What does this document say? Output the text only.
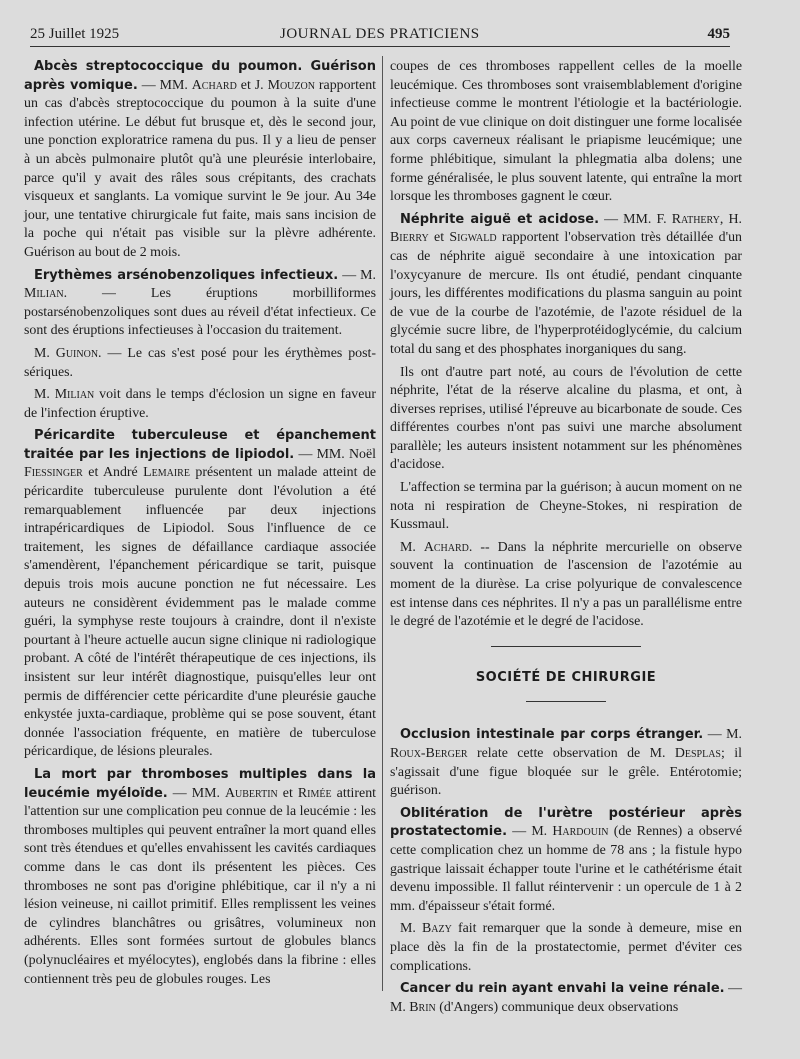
25 Juillet 1925	JOURNAL DES PRATICIENS	495

Abcès streptococcique du poumon. Guérison après vomique. — MM. Achard et J. Mouzon rapportent un cas d'abcès streptococcique du poumon à la suite d'une infection utérine. Le début fut brusque et, dès le second jour, une ponction exploratrice ramena du pus. Il y a lieu de penser à un abcès pulmonaire plutôt qu'à une pleurésie interlobaire, parce qu'il y avait des râles sous crépitants, des crachats visqueux et sanglants. La vomique survint le 9e jour. Au 34e jour, une tentative chirurgicale fut faite, mais sans incision de la poche qui n'était pas visible sur la plèvre adhérente. Guérison au bout de 2 mois.

Erythèmes arsénobenzoliques infectieux. — M. Milian. — Les éruptions morbilliformes postarsénobenzoliques sont dues au réveil d'état infectieux. Ce sont des éruptions infectieuses à l'occasion du traitement.

M. Guinon. — Le cas s'est posé pour les érythèmes post-sériques.

M. Milian voit dans le temps d'éclosion un signe en faveur de l'infection éruptive.

Péricardite tuberculeuse et épanchement traitée par les injections de lipiodol. — MM. Noël Fiessinger et André Lemaire présentent un malade atteint de péricardite tuberculeuse purulente dont l'évolution a été remarquablement influencée par deux injections intrapéricardiques de Lipiodol. Sous l'influence de ce traitement, les signes de défaillance cardiaque associée s'amendèrent, l'épanchement péricardique se tarit, puisque depuis trois mois aucune ponction ne fut nécessaire. Les auteurs ne considèrent évidemment pas le malade comme guéri, la symphyse reste toujours à craindre, dont il n'existe pourtant à l'heure actuelle aucun signe clinique ni radiologique probant. A côté de l'intérêt thérapeutique de ces injections, ils insistent sur leur intérêt diagnostique, puisqu'elles leur ont permis de différencier cette péricardite d'une pleurésie gauche enkystée juxta-cardiaque, problème qui se pose souvent, étant donnée l'association fréquente, en matière de tuberculose péricardique, de lésions pleurales.

La mort par thromboses multiples dans la leucémie myéloïde. — MM. Aubertin et Rimée attirent l'attention sur une complication peu connue de la leucémie : les thromboses multiples qui peuvent entraîner la mort quand elles sont très étendues et qu'elles envahissent les cavités cardiaques comme dans le cas dont ils présentent les pièces. Ces thromboses ne sont pas d'origine phlébitique, car il n'y a ni lésion veineuse, ni caillot primitif. Elles remplissent les veines de cylindres blanchâtres ou grisâtres, volumineux non adhérents. Elles sont formées surtout de globules blancs (polynucléaires et myélocytes), englobés dans la fibrine : elles contiennent très peu de globules rouges. Les

coupes de ces thromboses rappellent celles de la moelle leucémique. Ces thromboses sont vraisemblablement d'origine infectieuse comme le montrent l'étiologie et la bactériologie. Au point de vue clinique on doit distinguer une forme localisée aux corps caverneux réalisant le priapisme leucémique; une forme phlébitique, simulant la phlegmatia alba dolens; une forme généralisée, le plus souvent latente, qui entraîne la mort lorsque les thromboses gagnent le cœur.

Néphrite aiguë et acidose. — MM. F. Rathery, H. Bierry et Sigwald rapportent l'observation très détaillée d'un cas de néphrite aiguë secondaire à une intoxication par l'oxycyanure de mercure. Ils ont étudié, pendant cinquante jours, les différentes modifications du plasma sanguin au point de vue de la courbe de l'azotémie, de l'azote résiduel de la glycémie sucre libre, de l'hyperprotéidoglycémie, du calcium total du sang et des phosphates inorganiques du sang.

Ils ont d'autre part noté, au cours de l'évolution de cette néphrite, l'état de la réserve alcaline du plasma, et ont, à diverses reprises, utilisé l'épreuve au bicarbonate de soude. Ces différentes courbes n'ont pas suivi une marche absolument parallèle; les auteurs insistent notamment sur les phénomènes d'acidose.

L'affection se termina par la guérison; à aucun moment on ne nota ni respiration de Cheyne-Stokes, ni respiration de Kussmaul.

M. Achard. -- Dans la néphrite mercurielle on observe souvent la continuation de l'ascension de l'azotémie au moment de la diurèse. La crise polyurique de convalescence est intense dans ces néphrites. Il n'y a pas un parallélisme entre le degré de l'azotémie et le degré de l'acidose.

SOCIÉTÉ DE CHIRURGIE

Occlusion intestinale par corps étranger. — M. Roux-Berger relate cette observation de M. Desplas; il s'agissait d'une figue bloquée sur le grêle. Entérotomie; guérison.

Oblitération de l'urètre postérieur après prostatectomie. — M. Hardouin (de Rennes) a observé cette complication chez un homme de 78 ans ; la fistule hypo gastrique laissait échapper toute l'urine et le cathétérisme était devenu impossible. Il fallut réintervenir : un opercule de 1 à 2 mm. d'épaisseur s'était formé.

M. Bazy fait remarquer que la sonde à demeure, mise en place dès la fin de la prostatectomie, permet d'éviter ces complications.

Cancer du rein ayant envahi la veine rénale. — M. Brin (d'Angers) communique deux observations
